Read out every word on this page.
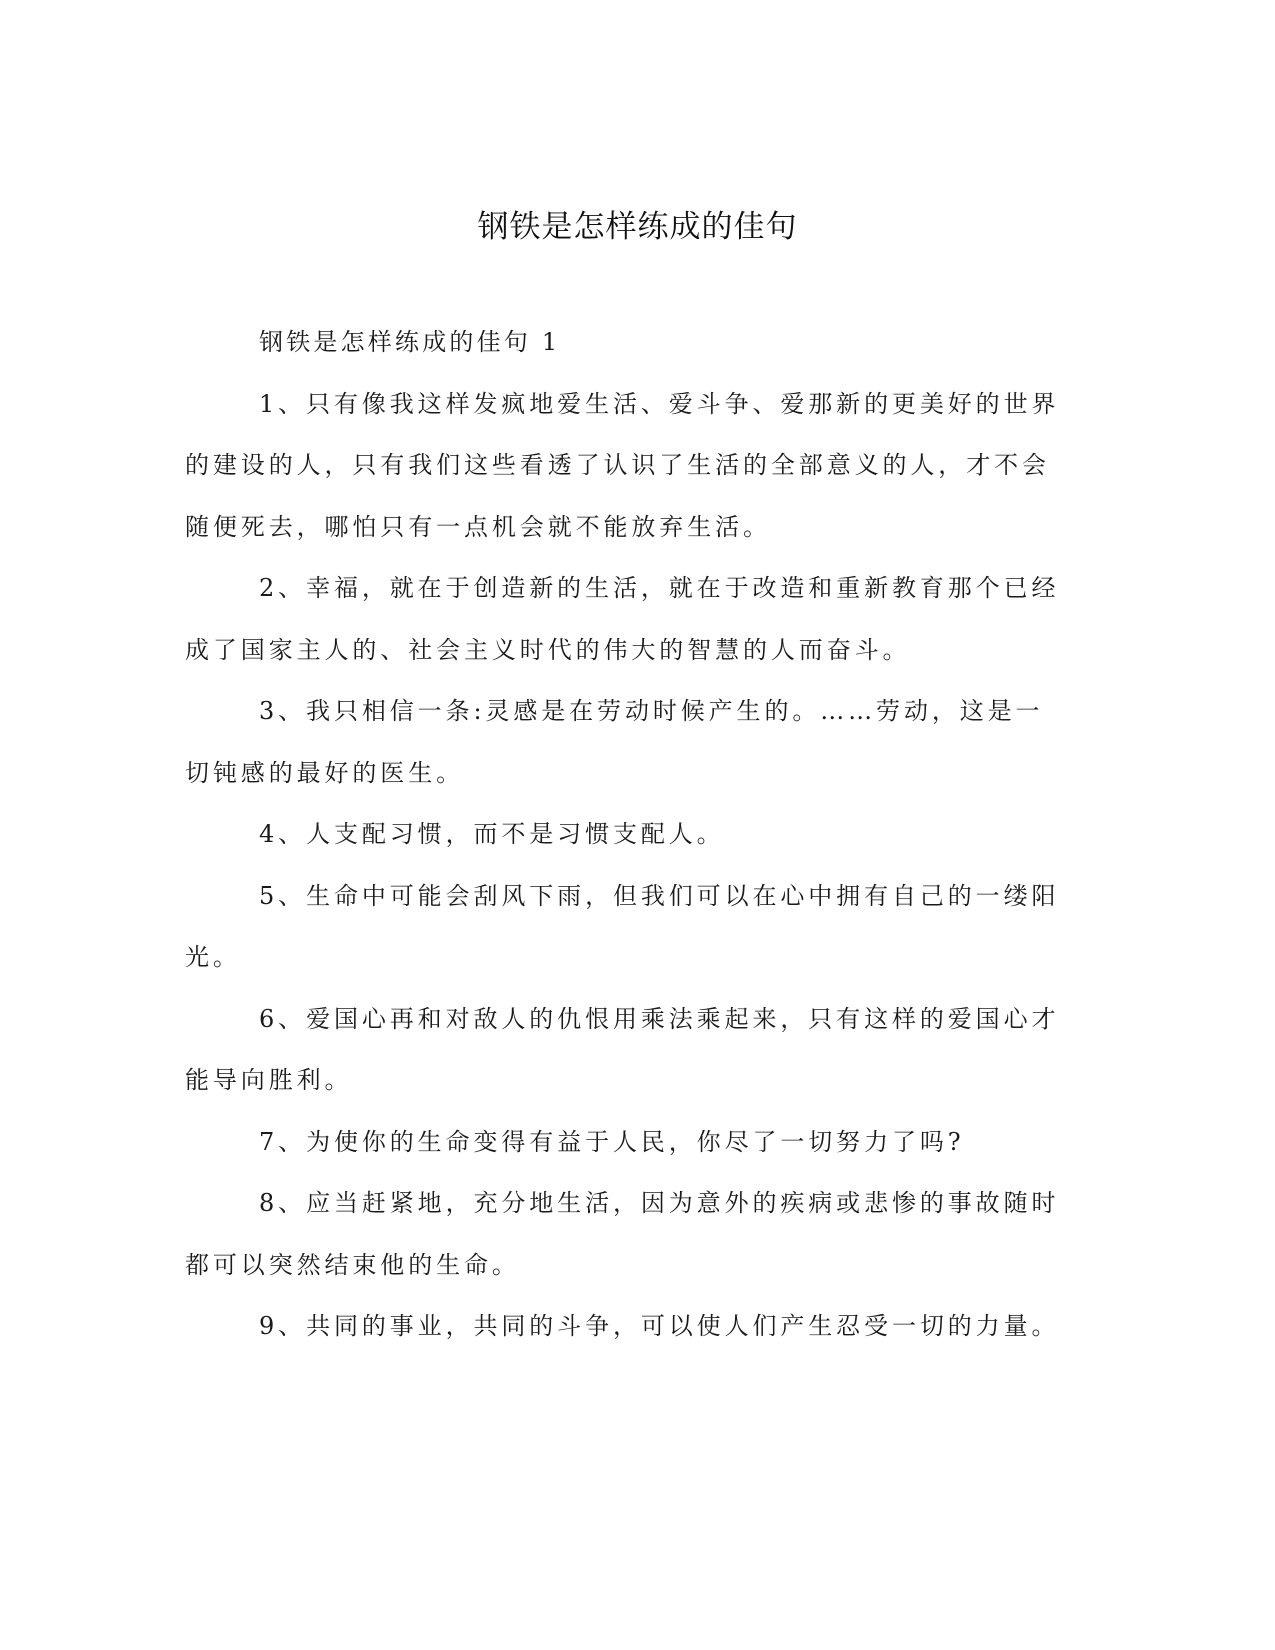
钢铁是怎样练成的佳句

钢铁是怎样练成的佳句 1

1、只有像我这样发疯地爱生活、爱斗争、爱那新的更美好的世界的建设的人，只有我们这些看透了认识了生活的全部意义的人，才不会随便死去，哪怕只有一点机会就不能放弃生活。

2、幸福，就在于创造新的生活，就在于改造和重新教育那个已经成了国家主人的、社会主义时代的伟大的智慧的人而奋斗。

3、我只相信一条:灵感是在劳动时候产生的。……劳动，这是一切钝感的最好的医生。

4、人支配习惯，而不是习惯支配人。

5、生命中可能会刮风下雨，但我们可以在心中拥有自己的一缕阳光。

6、爱国心再和对敌人的仇恨用乘法乘起来，只有这样的爱国心才能导向胜利。

7、为使你的生命变得有益于人民，你尽了一切努力了吗?

8、应当赶紧地，充分地生活，因为意外的疾病或悲惨的事故随时都可以突然结束他的生命。

9、共同的事业，共同的斗争，可以使人们产生忍受一切的力量。
